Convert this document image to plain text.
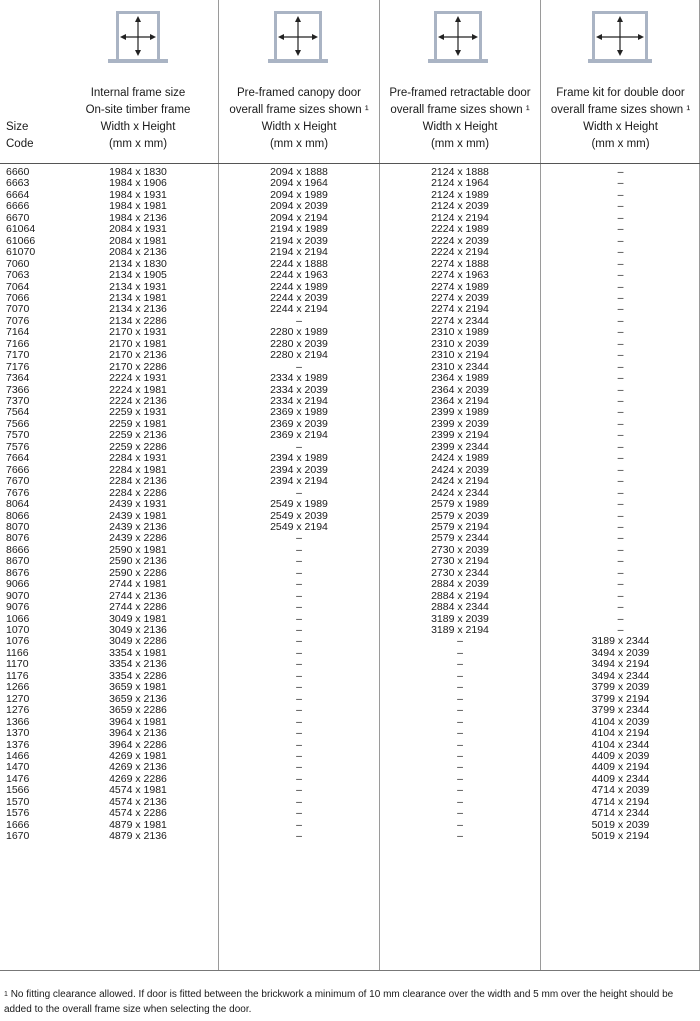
Size
Code
Internal frame size
On-site timber frame
Width x Height
(mm x mm)
Pre-framed canopy door
overall frame sizes shown ¹
Width x Height
(mm x mm)
Pre-framed retractable door
overall frame sizes shown ¹
Width x Height
(mm x mm)
Frame kit for double door
overall frame sizes shown ¹
Width x Height
(mm x mm)
6660	1984 x 1830	2094 x 1888	2124 x 1888	–
6663	1984 x 1906	2094 x 1964	2124 x 1964	–
6664	1984 x 1931	2094 x 1989	2124 x 1989	–
6666	1984 x 1981	2094 x 2039	2124 x 2039	–
6670	1984 x 2136	2094 x 2194	2124 x 2194	–
61064	2084 x 1931	2194 x 1989	2224 x 1989	–
61066	2084 x 1981	2194 x 2039	2224 x 2039	–
61070	2084 x 2136	2194 x 2194	2224 x 2194	–
7060	2134 x 1830	2244 x 1888	2274 x 1888	–
7063	2134 x 1905	2244 x 1963	2274 x 1963	–
7064	2134 x 1931	2244 x 1989	2274 x 1989	–
7066	2134 x 1981	2244 x 2039	2274 x 2039	–
7070	2134 x 2136	2244 x 2194	2274 x 2194	–
7076	2134 x 2286	–	2274 x 2344	–
7164	2170 x 1931	2280 x 1989	2310 x 1989	–
7166	2170 x 1981	2280 x 2039	2310 x 2039	–
7170	2170 x 2136	2280 x 2194	2310 x 2194	–
7176	2170 x 2286	–	2310 x 2344	–
7364	2224 x 1931	2334 x 1989	2364 x 1989	–
7366	2224 x 1981	2334 x 2039	2364 x 2039	–
7370	2224 x 2136	2334 x 2194	2364 x 2194	–
7564	2259 x 1931	2369 x 1989	2399 x 1989	–
7566	2259 x 1981	2369 x 2039	2399 x 2039	–
7570	2259 x 2136	2369 x 2194	2399 x 2194	–
7576	2259 x 2286	–	2399 x 2344	–
7664	2284 x 1931	2394 x 1989	2424 x 1989	–
7666	2284 x 1981	2394 x 2039	2424 x 2039	–
7670	2284 x 2136	2394 x 2194	2424 x 2194	–
7676	2284 x 2286	–	2424 x 2344	–
8064	2439 x 1931	2549 x 1989	2579 x 1989	–
8066	2439 x 1981	2549 x 2039	2579 x 2039	–
8070	2439 x 2136	2549 x 2194	2579 x 2194	–
8076	2439 x 2286	–	2579 x 2344	–
8666	2590 x 1981	–	2730 x 2039	–
8670	2590 x 2136	–	2730 x 2194	–
8676	2590 x 2286	–	2730 x 2344	–
9066	2744 x 1981	–	2884 x 2039	–
9070	2744 x 2136	–	2884 x 2194	–
9076	2744 x 2286	–	2884 x 2344	–
1066	3049 x 1981	–	3189 x 2039	–
1070	3049 x 2136	–	3189 x 2194	–
1076	3049 x 2286	–	–	3189 x 2344
1166	3354 x 1981	–	–	3494 x 2039
1170	3354 x 2136	–	–	3494 x 2194
1176	3354 x 2286	–	–	3494 x 2344
1266	3659 x 1981	–	–	3799 x 2039
1270	3659 x 2136	–	–	3799 x 2194
1276	3659 x 2286	–	–	3799 x 2344
1366	3964 x 1981	–	–	4104 x 2039
1370	3964 x 2136	–	–	4104 x 2194
1376	3964 x 2286	–	–	4104 x 2344
1466	4269 x 1981	–	–	4409 x 2039
1470	4269 x 2136	–	–	4409 x 2194
1476	4269 x 2286	–	–	4409 x 2344
1566	4574 x 1981	–	–	4714 x 2039
1570	4574 x 2136	–	–	4714 x 2194
1576	4574 x 2286	–	–	4714 x 2344
1666	4879 x 1981	–	–	5019 x 2039
1670	4879 x 2136	–	–	5019 x 2194
$^1$ No fitting clearance allowed. If door is fitted between the brickwork a minimum of 10 mm clearance over the width and 5 mm over the height should be added to the overall frame size when selecting the door.
